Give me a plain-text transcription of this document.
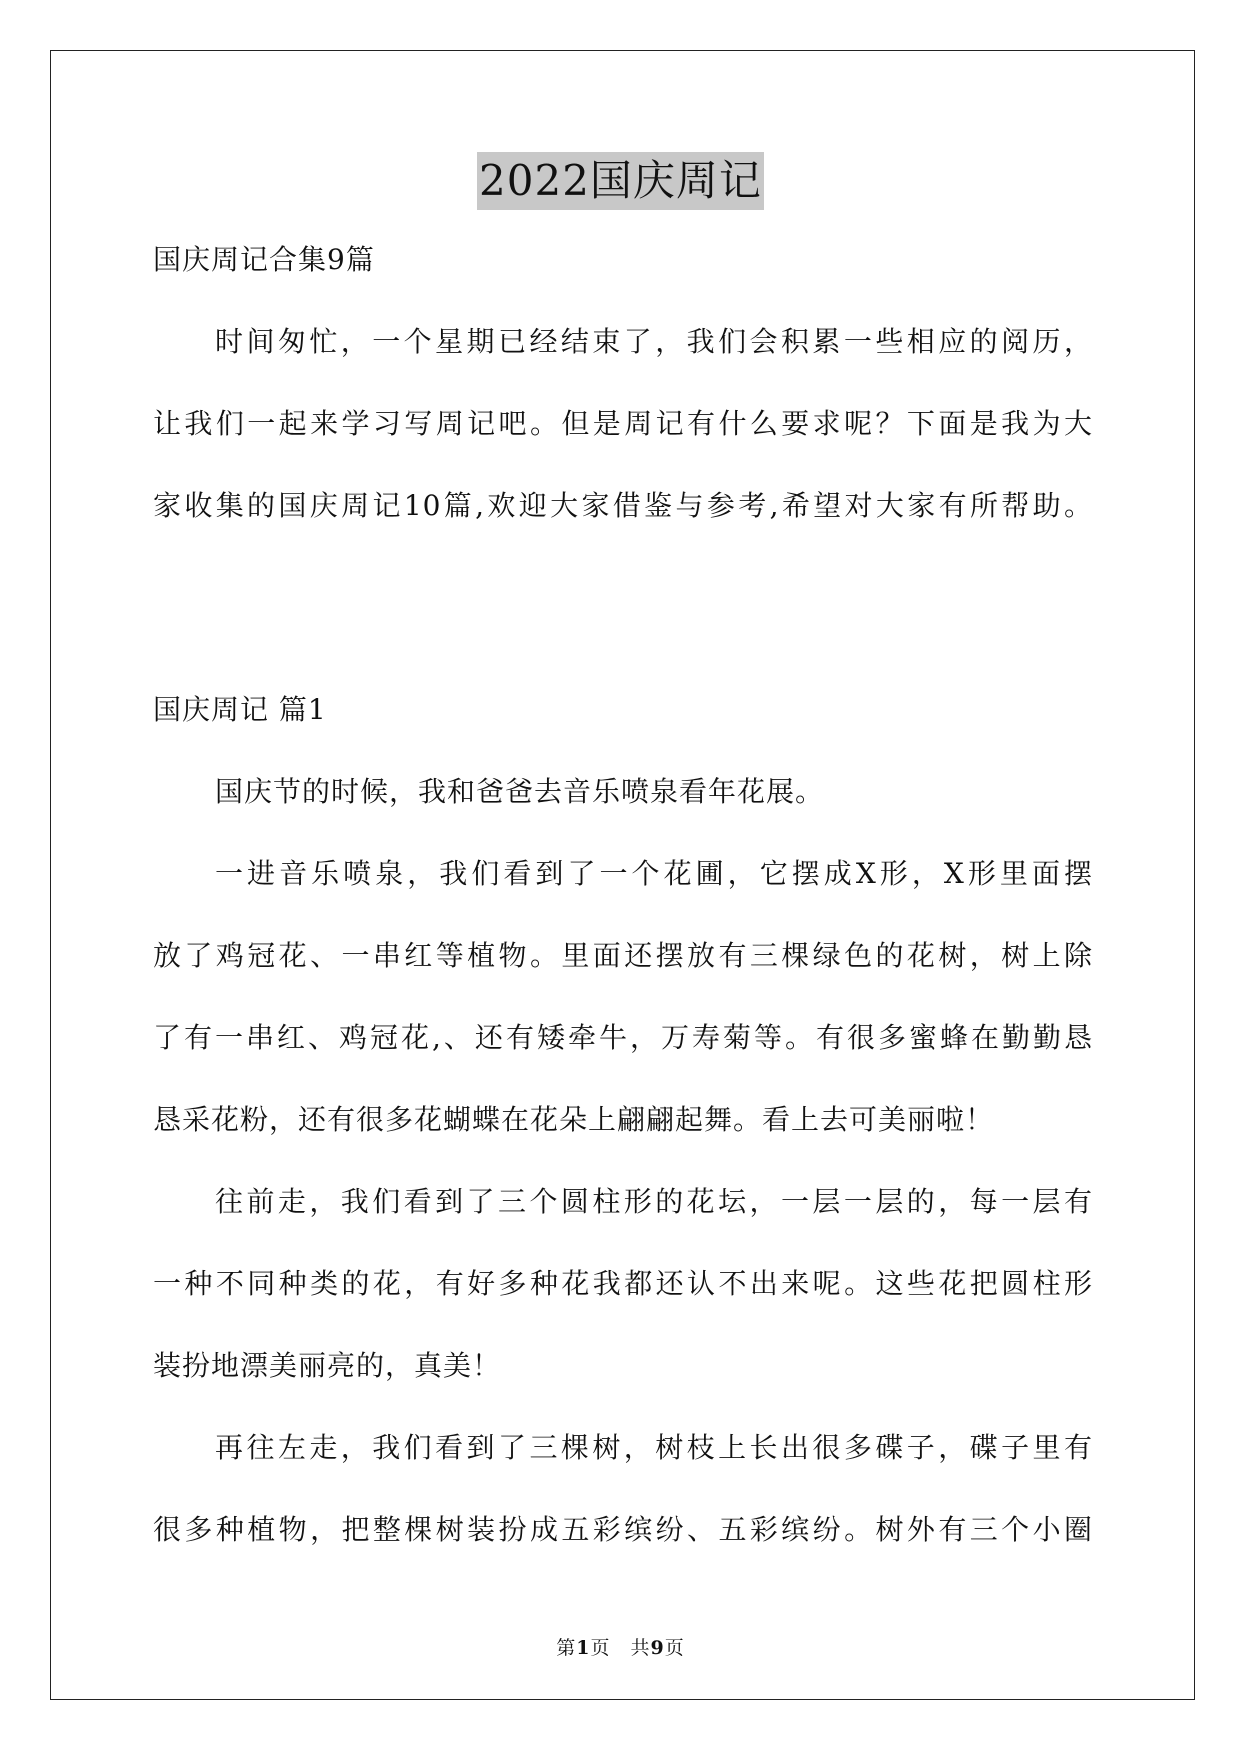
2022国庆周记
国庆周记合集9篇
时间匆忙，一个星期已经结束了，我们会积累一些相应的阅历，
让我们一起来学习写周记吧。但是周记有什么要求呢？下面是我为大
家收集的国庆周记10篇,欢迎大家借鉴与参考,希望对大家有所帮助。
国庆周记 篇1
国庆节的时候，我和爸爸去音乐喷泉看年花展。
一进音乐喷泉，我们看到了一个花圃，它摆成X形，X形里面摆
放了鸡冠花、一串红等植物。里面还摆放有三棵绿色的花树，树上除
了有一串红、鸡冠花,、还有矮牵牛，万寿菊等。有很多蜜蜂在勤勤恳
恳采花粉，还有很多花蝴蝶在花朵上翩翩起舞。看上去可美丽啦！
往前走，我们看到了三个圆柱形的花坛，一层一层的，每一层有
一种不同种类的花，有好多种花我都还认不出来呢。这些花把圆柱形
装扮地漂美丽亮的，真美！
再往左走，我们看到了三棵树，树枝上长出很多碟子，碟子里有
很多种植物，把整棵树装扮成五彩缤纷、五彩缤纷。树外有三个小圈
第1页　共9页
